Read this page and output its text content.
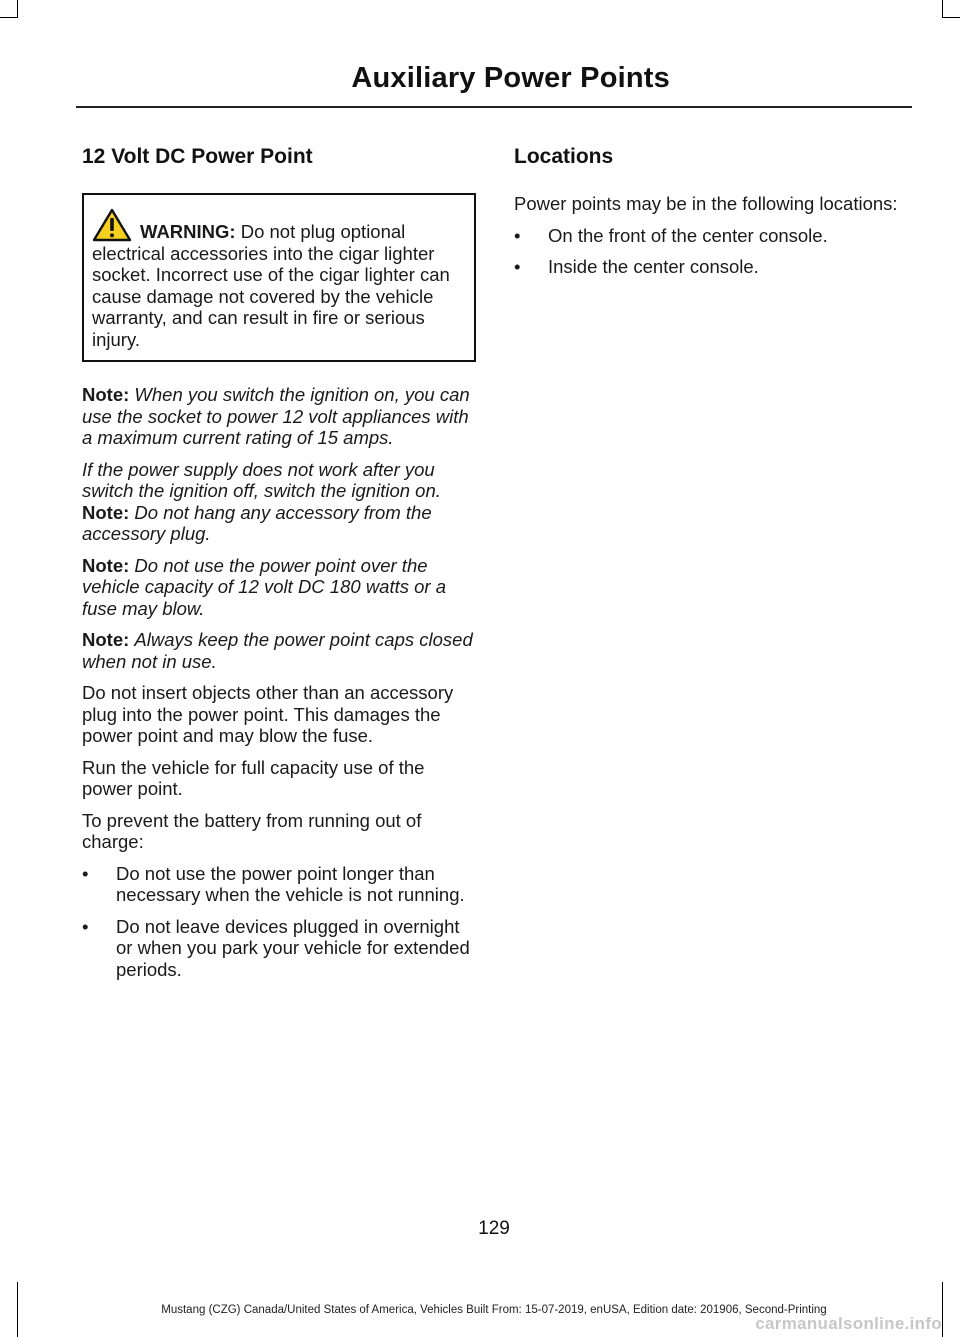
Auxiliary Power Points
12 Volt DC Power Point
WARNING: Do not plug optional electrical accessories into the cigar lighter socket. Incorrect use of the cigar lighter can cause damage not covered by the vehicle warranty, and can result in fire or serious injury.

Note: When you switch the ignition on, you can use the socket to power 12 volt appliances with a maximum current rating of 15 amps.

If the power supply does not work after you switch the ignition off, switch the ignition on.

Note: Do not hang any accessory from the accessory plug.

Note: Do not use the power point over the vehicle capacity of 12 volt DC 180 watts or a fuse may blow.

Note: Always keep the power point caps closed when not in use.

Do not insert objects other than an accessory plug into the power point. This damages the power point and may blow the fuse.

Run the vehicle for full capacity use of the power point.

To prevent the battery from running out of charge:

• Do not use the power point longer than necessary when the vehicle is not running.
• Do not leave devices plugged in overnight or when you park your vehicle for extended periods.
Locations

Power points may be in the following locations:

• On the front of the center console.
• Inside the center console.
129
Mustang (CZG) Canada/United States of America, Vehicles Built From: 15-07-2019, enUSA, Edition date: 201906, Second-Printing
carmanualsonline.info
